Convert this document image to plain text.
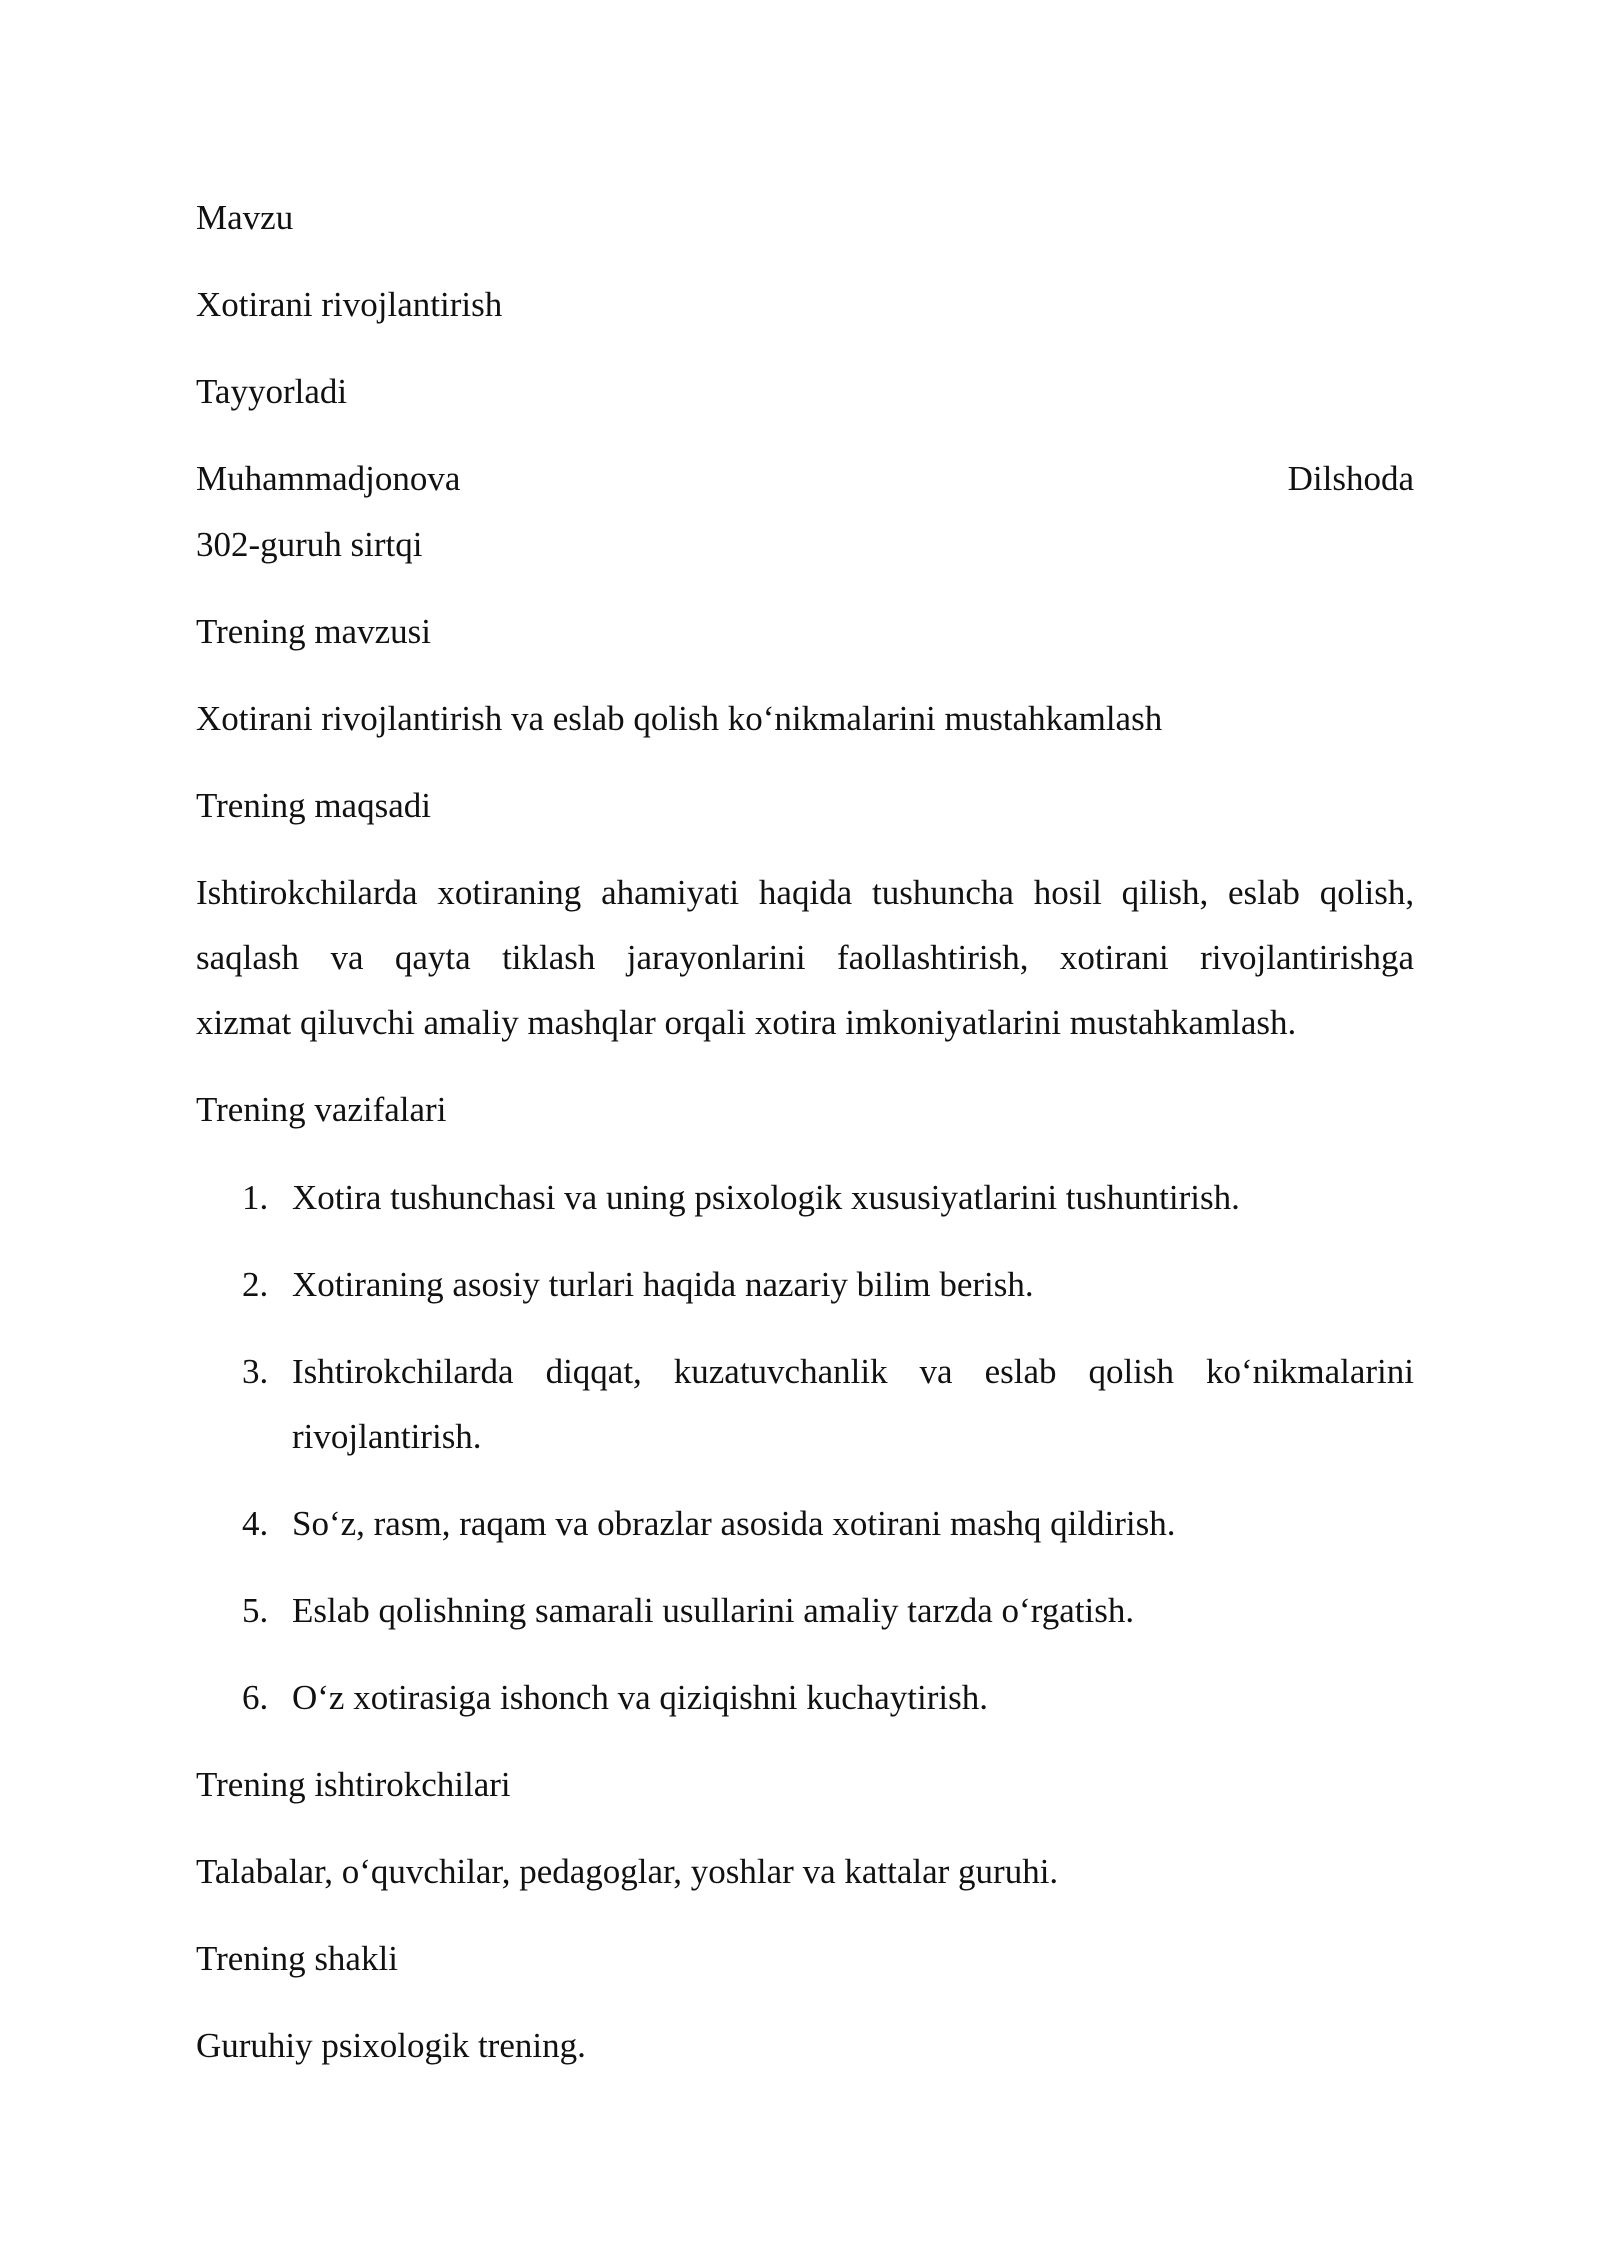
Mavzu
Xotirani rivojlantirish
Tayyorladi
Muhammadjonova	Dilshoda
302-guruh sirtqi
Trening mavzusi
Xotirani rivojlantirish va eslab qolish ko‘nikmalarini mustahkamlash
Trening maqsadi
Ishtirokchilarda xotiraning ahamiyati haqida tushuncha hosil qilish, eslab qolish,
saqlash va qayta tiklash jarayonlarini faollashtirish, xotirani rivojlantirishga
xizmat qiluvchi amaliy mashqlar orqali xotira imkoniyatlarini mustahkamlash.
Trening vazifalari
1. Xotira tushunchasi va uning psixologik xususiyatlarini tushuntirish.
2. Xotiraning asosiy turlari haqida nazariy bilim berish.
3. Ishtirokchilarda diqqat, kuzatuvchanlik va eslab qolish ko‘nikmalarini
rivojlantirish.
4. So‘z, rasm, raqam va obrazlar asosida xotirani mashq qildirish.
5. Eslab qolishning samarali usullarini amaliy tarzda o‘rgatish.
6. O‘z xotirasiga ishonch va qiziqishni kuchaytirish.
Trening ishtirokchilari
Talabalar, o‘quvchilar, pedagoglar, yoshlar va kattalar guruhi.
Trening shakli
Guruhiy psixologik trening.
